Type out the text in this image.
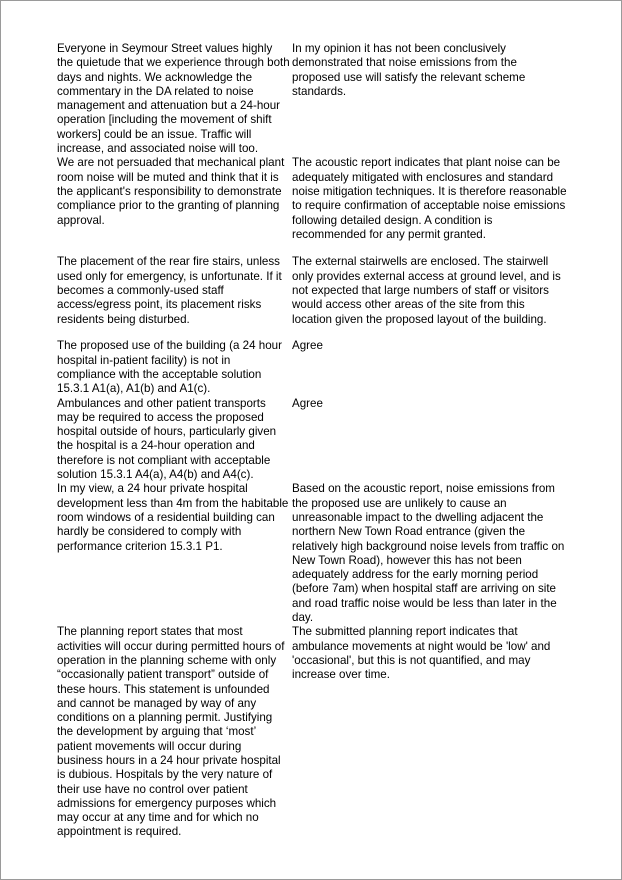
Everyone in Seymour Street values highly the quietude that we experience through both days and nights. We acknowledge the commentary in the DA related to noise management and attenuation but a 24-hour operation [including the movement of shift workers] could be an issue. Traffic will increase, and associated noise will too.	In my opinion it has not been conclusively demonstrated that noise emissions from the proposed use will satisfy the relevant scheme standards.

We are not persuaded that mechanical plant room noise will be muted and think that it is the applicant's responsibility to demonstrate compliance prior to the granting of planning approval.	The acoustic report indicates that plant noise can be adequately mitigated with enclosures and standard noise mitigation techniques. It is therefore reasonable to require confirmation of acceptable noise emissions following detailed design. A condition is recommended for any permit granted.

The placement of the rear fire stairs, unless used only for emergency, is unfortunate. If it becomes a commonly-used staff access/egress point, its placement risks residents being disturbed.	The external stairwells are enclosed. The stairwell only provides external access at ground level, and is not expected that large numbers of staff or visitors would access other areas of the site from this location given the proposed layout of the building.

The proposed use of the building (a 24 hour hospital in-patient facility) is not in compliance with the acceptable solution 15.3.1 A1(a), A1(b) and A1(c).	Agree

Ambulances and other patient transports may be required to access the proposed hospital outside of hours, particularly given the hospital is a 24-hour operation and therefore is not compliant with acceptable solution 15.3.1 A4(a), A4(b) and A4(c).	Agree

In my view, a 24 hour private hospital development less than 4m from the habitable room windows of a residential building can hardly be considered to comply with performance criterion 15.3.1 P1.	Based on the acoustic report, noise emissions from the proposed use are unlikely to cause an unreasonable impact to the dwelling adjacent the northern New Town Road entrance (given the relatively high background noise levels from traffic on New Town Road), however this has not been adequately address for the early morning period (before 7am) when hospital staff are arriving on site and road traffic noise would be less than later in the day.

The planning report states that most activities will occur during permitted hours of operation in the planning scheme with only “occasionally patient transport” outside of these hours. This statement is unfounded and cannot be managed by way of any conditions on a planning permit. Justifying the development by arguing that ‘most’ patient movements will occur during business hours in a 24 hour private hospital is dubious. Hospitals by the very nature of their use have no control over patient admissions for emergency purposes which may occur at any time and for which no appointment is required.	The submitted planning report indicates that ambulance movements at night would be 'low' and 'occasional', but this is not quantified, and may increase over time.
